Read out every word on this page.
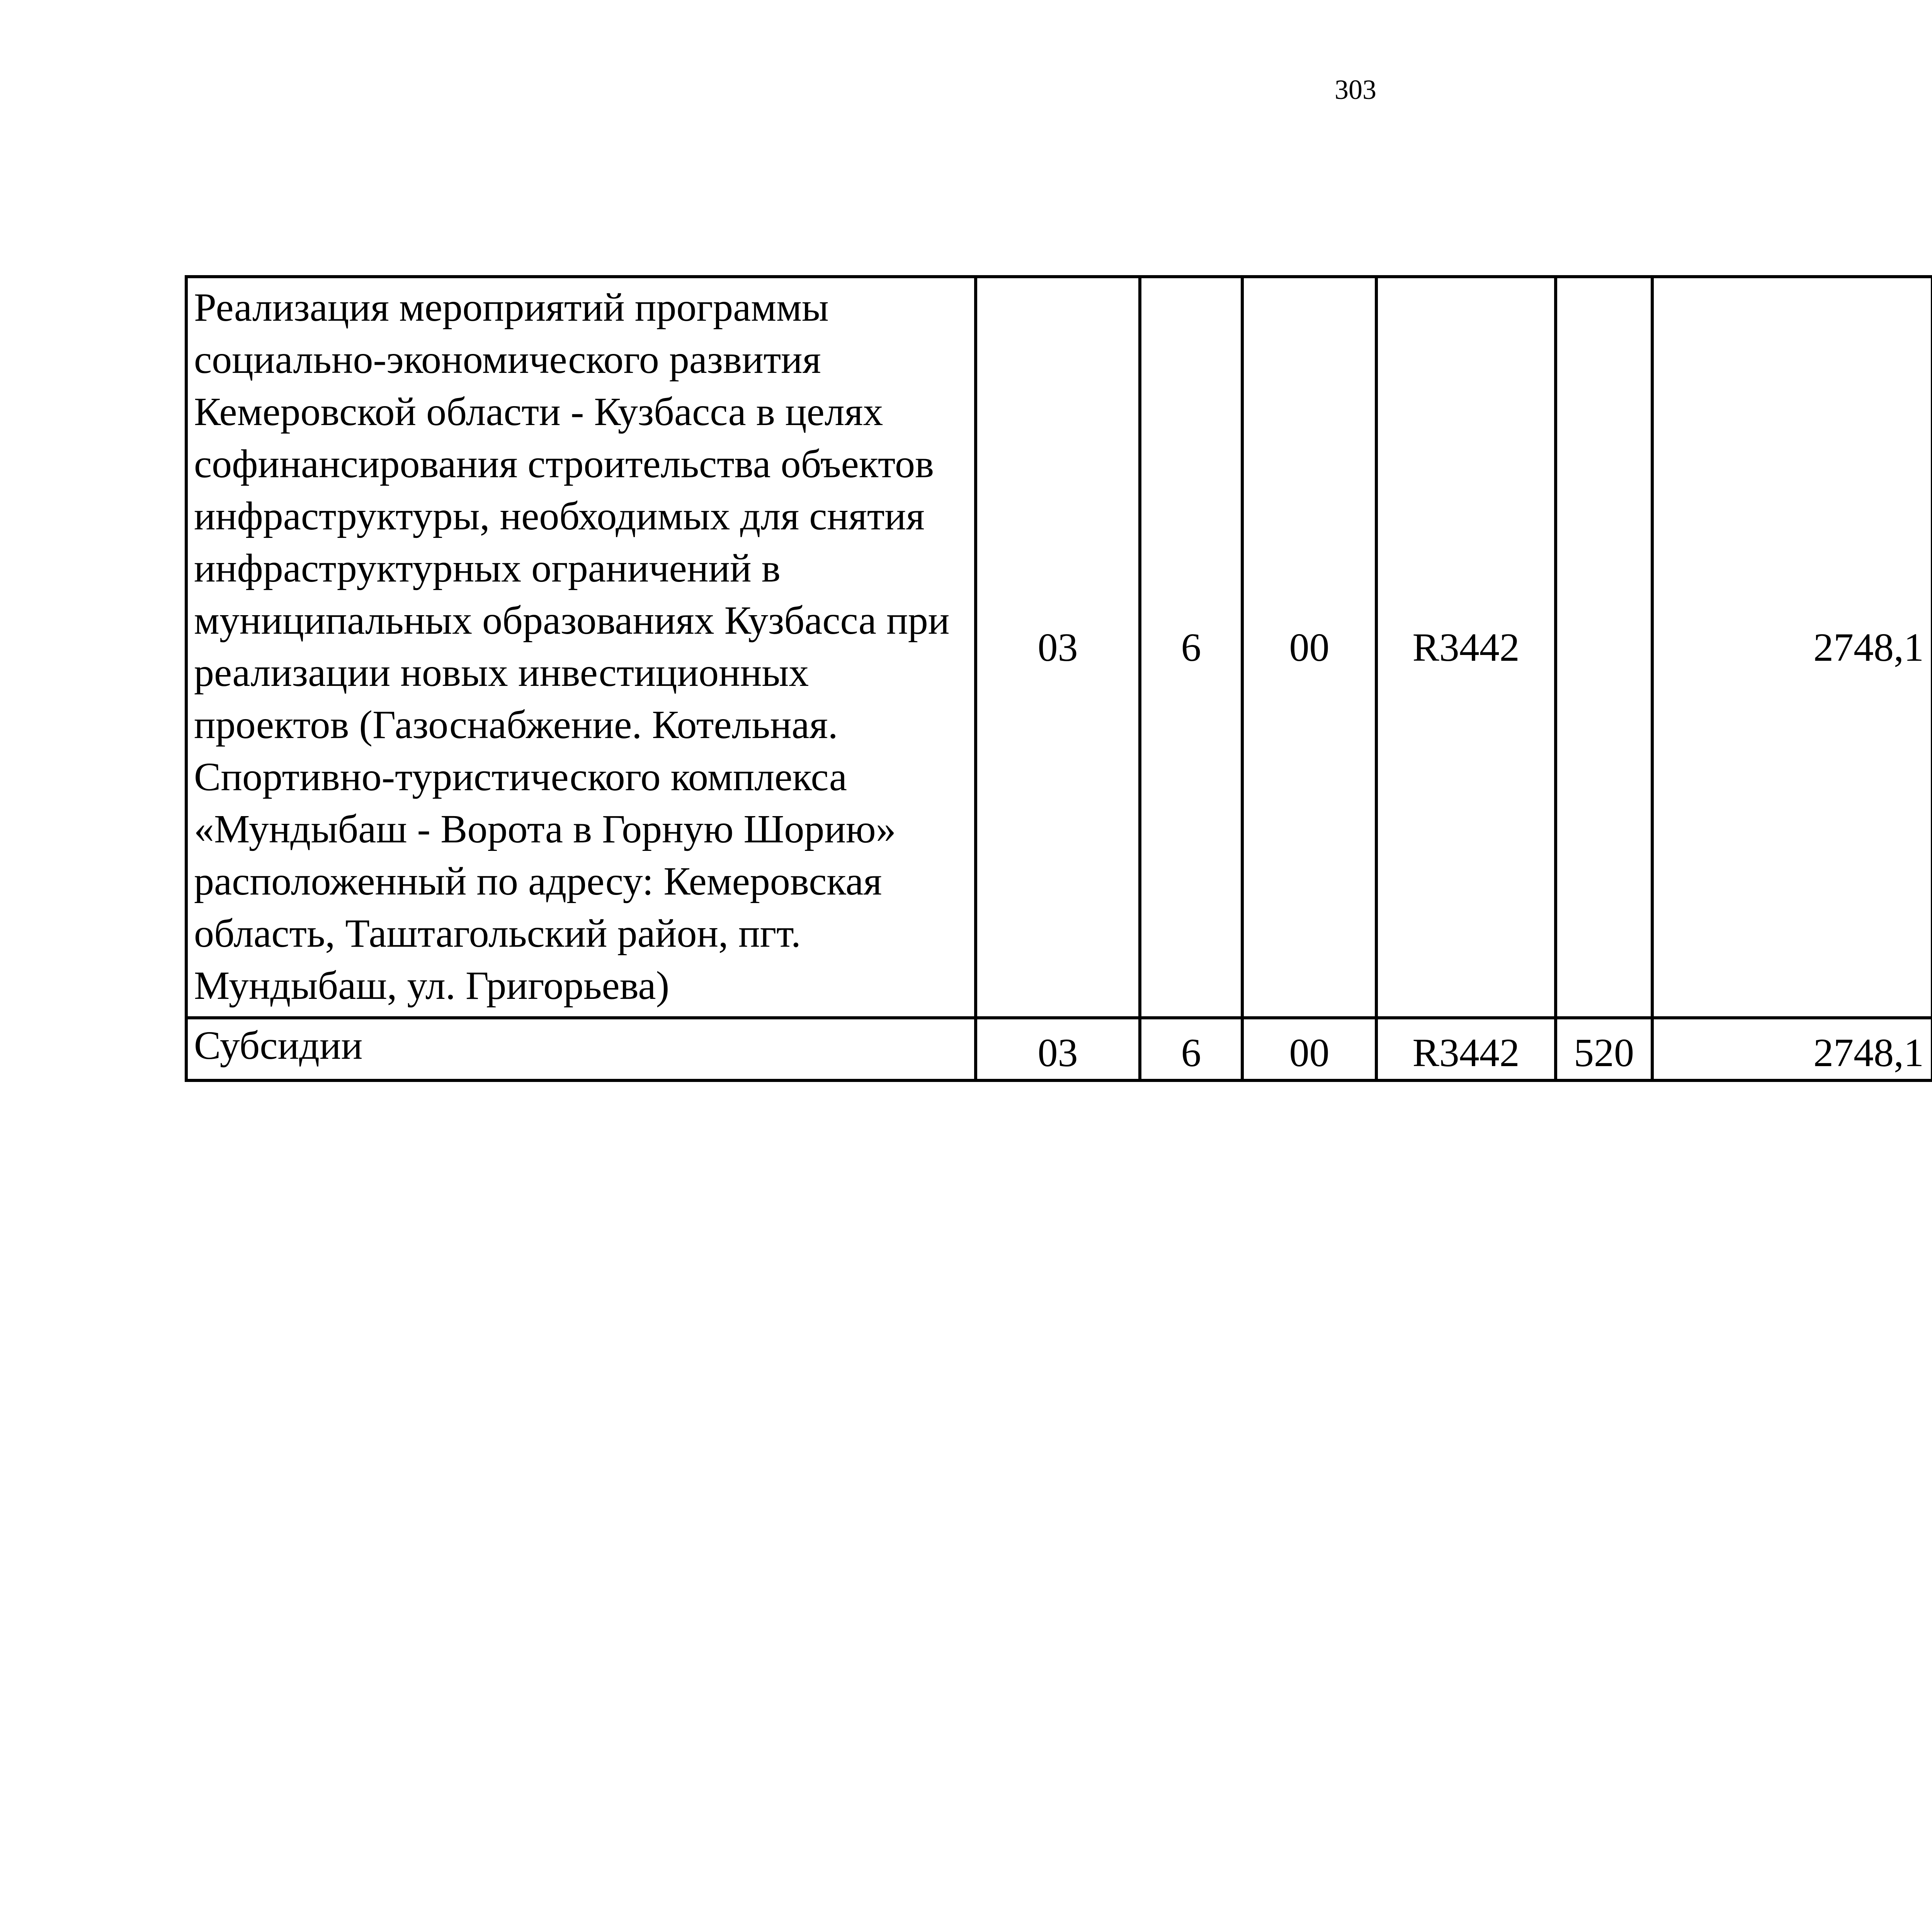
303
Реализация мероприятий программы социально-экономического развития Кемеровской области - Кузбасса в целях софинансирования строительства объектов инфраструктуры, необходимых для снятия инфраструктурных ограничений в муниципальных образованиях Кузбасса при реализации новых инвестиционных проектов (Газоснабжение. Котельная. Спортивно-туристического комплекса «Мундыбаш - Ворота в Горную Шорию» расположенный по адресу: Кемеровская область, Таштагольский район, пгт. Мундыбаш, ул. Григорьева)	03	6	00	R3442		2748,1		
Субсидии	03	6	00	R3442	520	2748,1		
